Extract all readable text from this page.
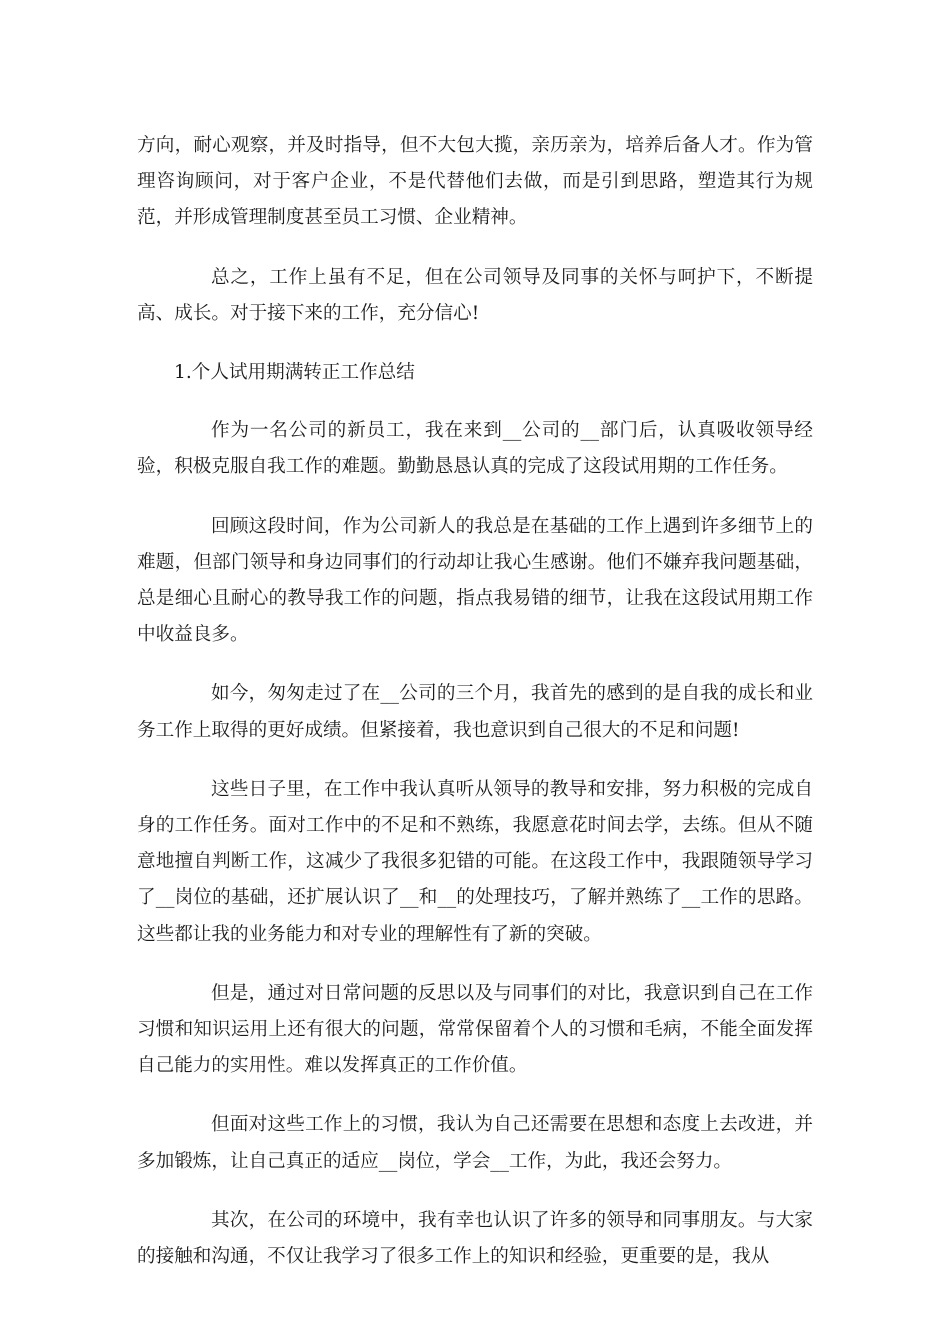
方向，耐心观察，并及时指导，但不大包大揽，亲历亲为，培养后备人才。作为管理咨询顾问，对于客户企业，不是代替他们去做，而是引到思路，塑造其行为规范，并形成管理制度甚至员工习惯、企业精神。

总之，工作上虽有不足，但在公司领导及同事的关怀与呵护下，不断提高、成长。对于接下来的工作，充分信心!

1.个人试用期满转正工作总结

作为一名公司的新员工，我在来到__公司的__部门后，认真吸收领导经验，积极克服自我工作的难题。勤勤恳恳认真的完成了这段试用期的工作任务。

回顾这段时间，作为公司新人的我总是在基础的工作上遇到许多细节上的难题，但部门领导和身边同事们的行动却让我心生感谢。他们不嫌弃我问题基础，总是细心且耐心的教导我工作的问题，指点我易错的细节，让我在这段试用期工作中收益良多。

如今，匆匆走过了在__公司的三个月，我首先的感到的是自我的成长和业务工作上取得的更好成绩。但紧接着，我也意识到自己很大的不足和问题!

这些日子里，在工作中我认真听从领导的教导和安排，努力积极的完成自身的工作任务。面对工作中的不足和不熟练，我愿意花时间去学，去练。但从不随意地擅自判断工作，这减少了我很多犯错的可能。在这段工作中，我跟随领导学习了__岗位的基础，还扩展认识了__和__的处理技巧，了解并熟练了__工作的思路。这些都让我的业务能力和对专业的理解性有了新的突破。

但是，通过对日常问题的反思以及与同事们的对比，我意识到自己在工作习惯和知识运用上还有很大的问题，常常保留着个人的习惯和毛病，不能全面发挥自己能力的实用性。难以发挥真正的工作价值。

但面对这些工作上的习惯，我认为自己还需要在思想和态度上去改进，并多加锻炼，让自己真正的适应__岗位，学会__工作，为此，我还会努力。

其次，在公司的环境中，我有幸也认识了许多的领导和同事朋友。与大家的接触和沟通，不仅让我学习了很多工作上的知识和经验，更重要的是，我从
